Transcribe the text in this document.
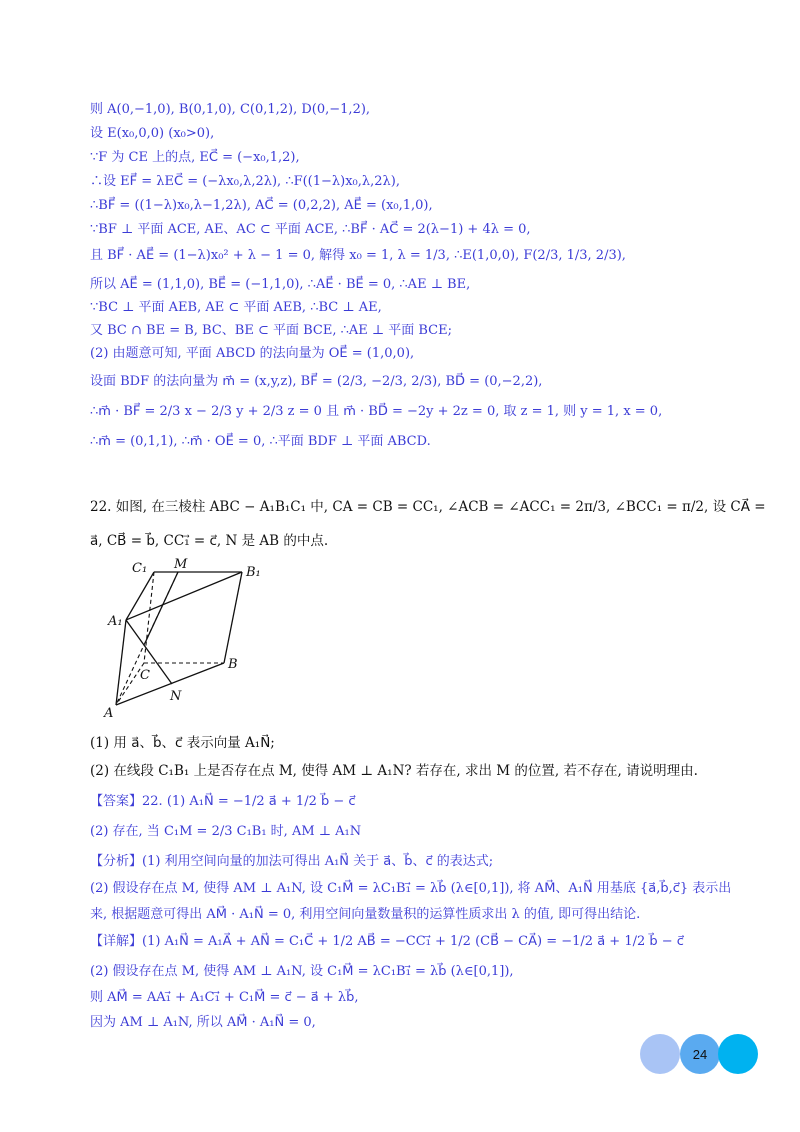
则 A(0,−1,0), B(0,1,0), C(0,1,2), D(0,−1,2),

设 E(x₀,0,0) (x₀>0),

∵F 为 CE 上的点, EC⃗ = (−x₀,1,2),

∴设 EF⃗ = λEC⃗ = (−λx₀,λ,2λ), ∴F((1−λ)x₀,λ,2λ),

∴BF⃗ = ((1−λ)x₀,λ−1,2λ), AC⃗ = (0,2,2), AE⃗ = (x₀,1,0),

∵BF ⊥ 平面 ACE, AE、AC ⊂ 平面 ACE, ∴BF⃗ · AC⃗ = 2(λ−1) + 4λ = 0,

且 BF⃗ · AE⃗ = (1−λ)x₀² + λ − 1 = 0, 解得 x₀ = 1, λ = 1/3, ∴E(1,0,0), F(2/3, 1/3, 2/3),

所以 AE⃗ = (1,1,0), BE⃗ = (−1,1,0), ∴AE⃗ · BE⃗ = 0, ∴AE ⊥ BE,

∵BC ⊥ 平面 AEB, AE ⊂ 平面 AEB, ∴BC ⊥ AE,

又 BC ∩ BE = B, BC、BE ⊂ 平面 BCE, ∴AE ⊥ 平面 BCE;

(2) 由题意可知, 平面 ABCD 的法向量为 OE⃗ = (1,0,0),

设面 BDF 的法向量为 m⃗ = (x,y,z), BF⃗ = (2/3, −2/3, 2/3), BD⃗ = (0,−2,2),

∴m⃗ · BF⃗ = 2/3 x − 2/3 y + 2/3 z = 0 且 m⃗ · BD⃗ = −2y + 2z = 0, 取 z = 1, 则 y = 1, x = 0,

∴m⃗ = (0,1,1), ∴m⃗ · OE⃗ = 0, ∴平面 BDF ⊥ 平面 ABCD.

22. 如图, 在三棱柱 ABC − A₁B₁C₁ 中, CA = CB = CC₁, ∠ACB = ∠ACC₁ = 2π/3, ∠BCC₁ = π/2, 设 CA⃗ =

a⃗, CB⃗ = b⃗, CC₁⃗ = c⃗, N 是 AB 的中点.

C₁ M
B₁
A₁
B
C
N
A

(1) 用 a⃗、b⃗、c⃗ 表示向量 A₁N⃗;

(2) 在线段 C₁B₁ 上是否存在点 M, 使得 AM ⊥ A₁N? 若存在, 求出 M 的位置, 若不存在, 请说明理由.

【答案】22. (1) A₁N⃗ = −1/2 a⃗ + 1/2 b⃗ − c⃗

(2) 存在, 当 C₁M = 2/3 C₁B₁ 时, AM ⊥ A₁N

【分析】(1) 利用空间向量的加法可得出 A₁N⃗ 关于 a⃗、b⃗、c⃗ 的表达式;

(2) 假设存在点 M, 使得 AM ⊥ A₁N, 设 C₁M⃗ = λC₁B₁⃗ = λb⃗ (λ∈[0,1]), 将 AM⃗、A₁N⃗ 用基底 {a⃗,b⃗,c⃗} 表示出

来, 根据题意可得出 AM⃗ · A₁N⃗ = 0, 利用空间向量数量积的运算性质求出 λ 的值, 即可得出结论.

【详解】(1) A₁N⃗ = A₁A⃗ + AN⃗ = C₁C⃗ + 1/2 AB⃗ = −CC₁⃗ + 1/2 (CB⃗ − CA⃗) = −1/2 a⃗ + 1/2 b⃗ − c⃗

(2) 假设存在点 M, 使得 AM ⊥ A₁N, 设 C₁M⃗ = λC₁B₁⃗ = λb⃗ (λ∈[0,1]),

则 AM⃗ = AA₁⃗ + A₁C₁⃗ + C₁M⃗ = c⃗ − a⃗ + λb⃗,

因为 AM ⊥ A₁N, 所以 AM⃗ · A₁N⃗ = 0,

24
